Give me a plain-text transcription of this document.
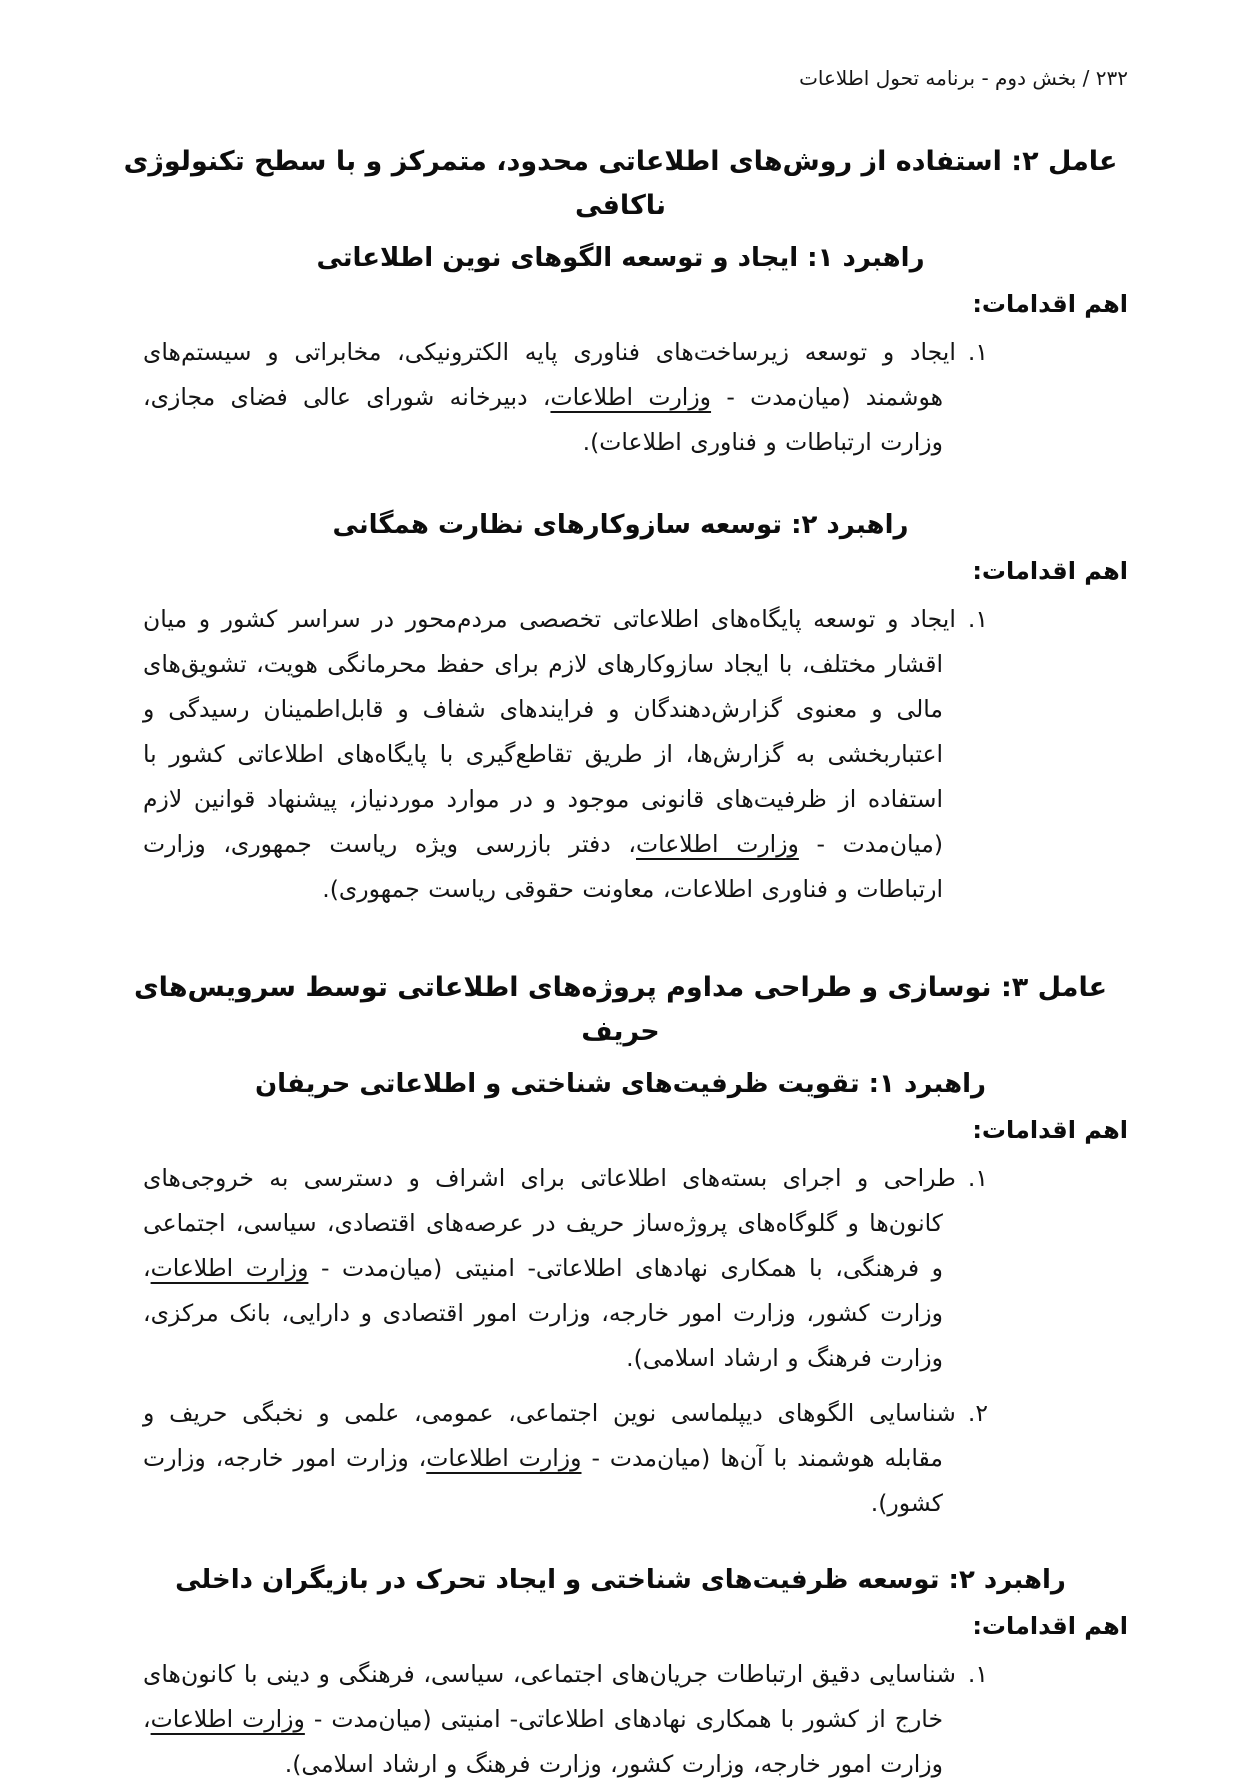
۲۳۲ / بخش دوم - برنامه تحول اطلاعات
عامل ۲: استفاده از روش‌های اطلاعاتی محدود، متمرکز و با سطح تکنولوژی ناکافی
راهبرد ۱: ایجاد و توسعه الگوهای نوین اطلاعاتی
اهم اقدامات:
۱.ایجاد و توسعه زیرساخت‌های فناوری پایه الکترونیکی، مخابراتی و سیستم‌های هوشمند (میان‌مدت - وزارت اطلاعات، دبیرخانه شورای عالی فضای مجازی، وزارت ارتباطات و فناوری اطلاعات).
راهبرد ۲: توسعه سازوکارهای نظارت همگانی
اهم اقدامات:
۱.ایجاد و توسعه پایگاه‌های اطلاعاتی تخصصی مردم‌محور در سراسر کشور و میان اقشار مختلف، با ایجاد سازوکارهای لازم برای حفظ محرمانگی هویت، تشویق‌های مالی و معنوی گزارش‌دهندگان و فرایندهای شفاف و قابل‌اطمینان رسیدگی و اعتباربخشی به گزارش‌ها، از طریق تقاطع‌گیری با پایگاه‌های اطلاعاتی کشور با استفاده از ظرفیت‌های قانونی موجود و در موارد موردنیاز، پیشنهاد قوانین لازم (میان‌مدت - وزارت اطلاعات، دفتر بازرسی ویژه ریاست جمهوری، وزارت ارتباطات و فناوری اطلاعات، معاونت حقوقی ریاست جمهوری).
عامل ۳: نوسازی و طراحی مداوم پروژه‌های اطلاعاتی توسط سرویس‌های حریف
راهبرد ۱: تقویت ظرفیت‌های شناختی و اطلاعاتی حریفان
اهم اقدامات:
۱.طراحی و اجرای بسته‌های اطلاعاتی برای اشراف و دسترسی به خروجی‌های کانون‌ها و گلوگاه‌های پروژه‌ساز حریف در عرصه‌های اقتصادی، سیاسی، اجتماعی و فرهنگی، با همکاری نهادهای اطلاعاتی- امنیتی (میان‌مدت - وزارت اطلاعات، وزارت کشور، وزارت امور خارجه، وزارت امور اقتصادی و دارایی، بانک مرکزی، وزارت فرهنگ و ارشاد اسلامی).
۲.شناسایی الگوهای دیپلماسی نوین اجتماعی، عمومی، علمی و نخبگی حریف و مقابله هوشمند با آن‌ها (میان‌مدت - وزارت اطلاعات، وزارت امور خارجه، وزارت کشور).
راهبرد ۲: توسعه ظرفیت‌های شناختی و ایجاد تحرک در بازیگران داخلی
اهم اقدامات:
۱.شناسایی دقیق ارتباطات جریان‌های اجتماعی، سیاسی، فرهنگی و دینی با کانون‌های خارج از کشور با همکاری نهادهای اطلاعاتی- امنیتی (میان‌مدت - وزارت اطلاعات، وزارت امور خارجه، وزارت کشور، وزارت فرهنگ و ارشاد اسلامی).
